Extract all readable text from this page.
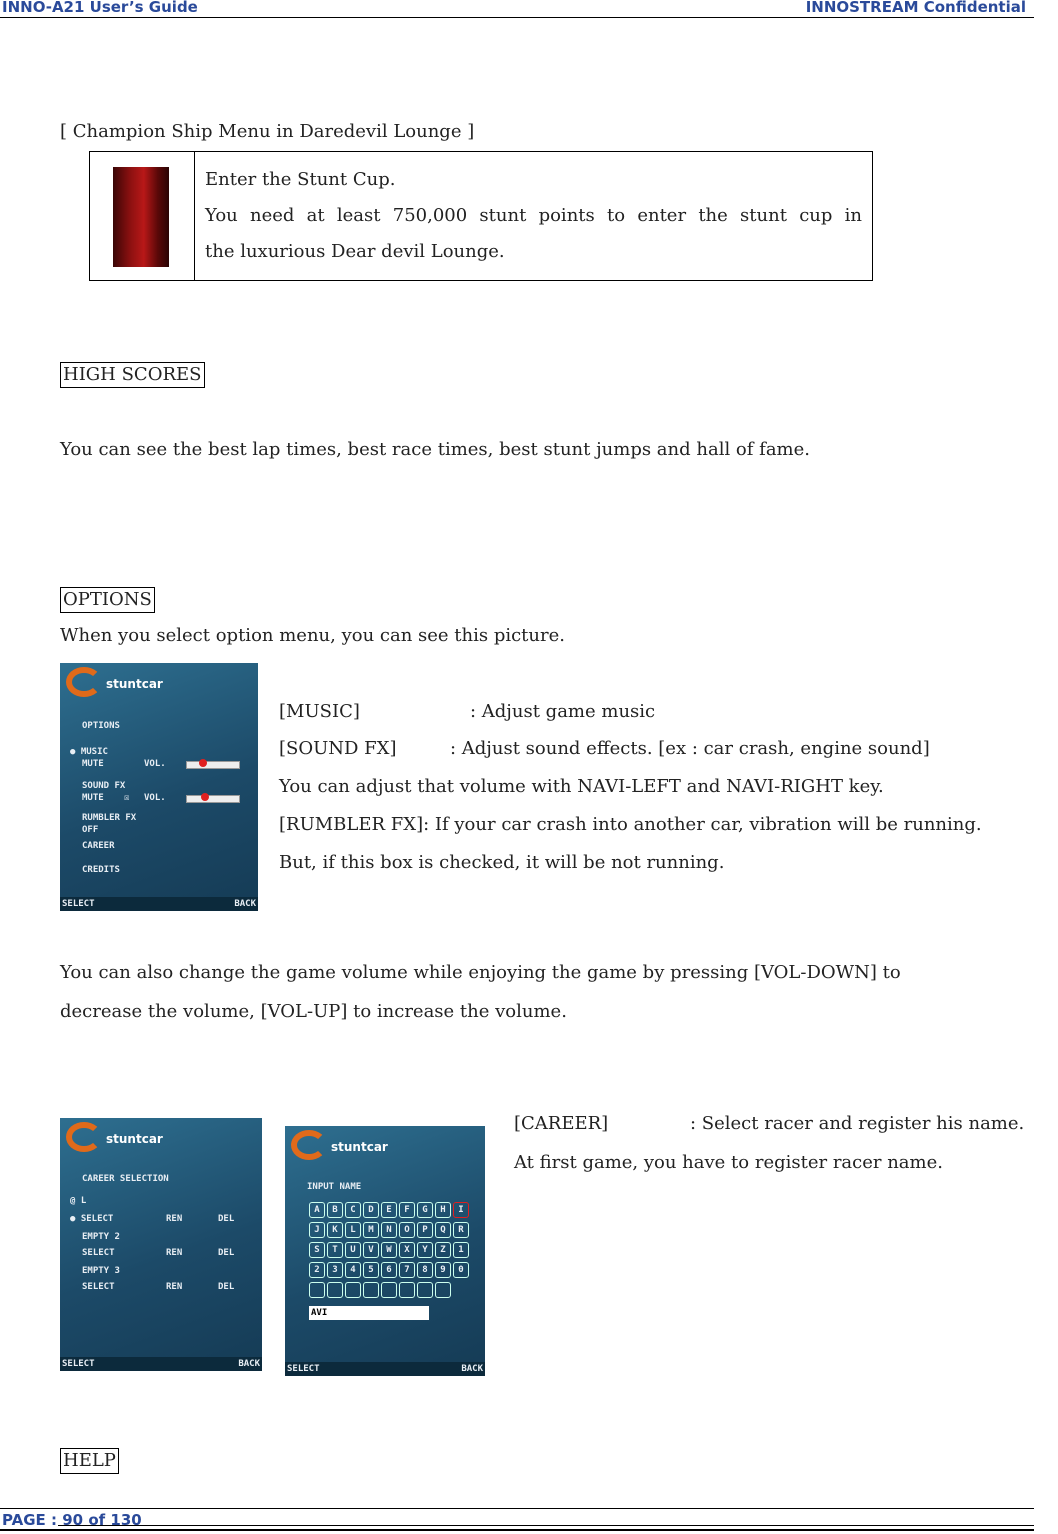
INNO-A21 User’s Guide	INNOSTREAM Confidential
[ Champion Ship Menu in Daredevil Lounge ]

Enter the Stunt Cup.
You need at least 750,000 stunt points to enter the stunt cup in
the luxurious Dear devil Lounge.
HIGH SCORES
You can see the best lap times, best race times, best stunt jumps and hall of fame.
OPTIONS
When you select option menu, you can see this picture.
stuntcar
OPTIONS
● MUSIC
MUTE	VOL.
SOUND FX
MUTE ☒ VOL.
RUMBLER FX
OFF
CAREER
CREDITS
SELECT	BACK
[MUSIC]	: Adjust game music
[SOUND FX]	: Adjust sound effects. [ex : car crash, engine sound]
You can adjust that volume with NAVI-LEFT and NAVI-RIGHT key.
[RUMBLER FX]: If your car crash into another car, vibration will be running.
But, if this box is checked, it will be not running.
You can also change the game volume while enjoying the game by pressing [VOL-DOWN] to
decrease the volume, [VOL-UP] to increase the volume.
stuntcar
CAREER SELECTION
@ L
● SELECT	REN	DEL
EMPTY 2
SELECT	REN	DEL
EMPTY 3
SELECT	REN	DEL
SELECT	BACK
stuntcar
INPUT NAME
A	B	C	D	E	F	G	H	I
J	K	L	M	N	O	P	Q	R
S	T	U	V	W	X	Y	Z	1
2	3	4	5	6	7	8	9	0
AVI
SELECT	BACK
[CAREER]	: Select racer and register his name.
At first game, you have to register racer name.
HELP
PAGE : 90 of 130
